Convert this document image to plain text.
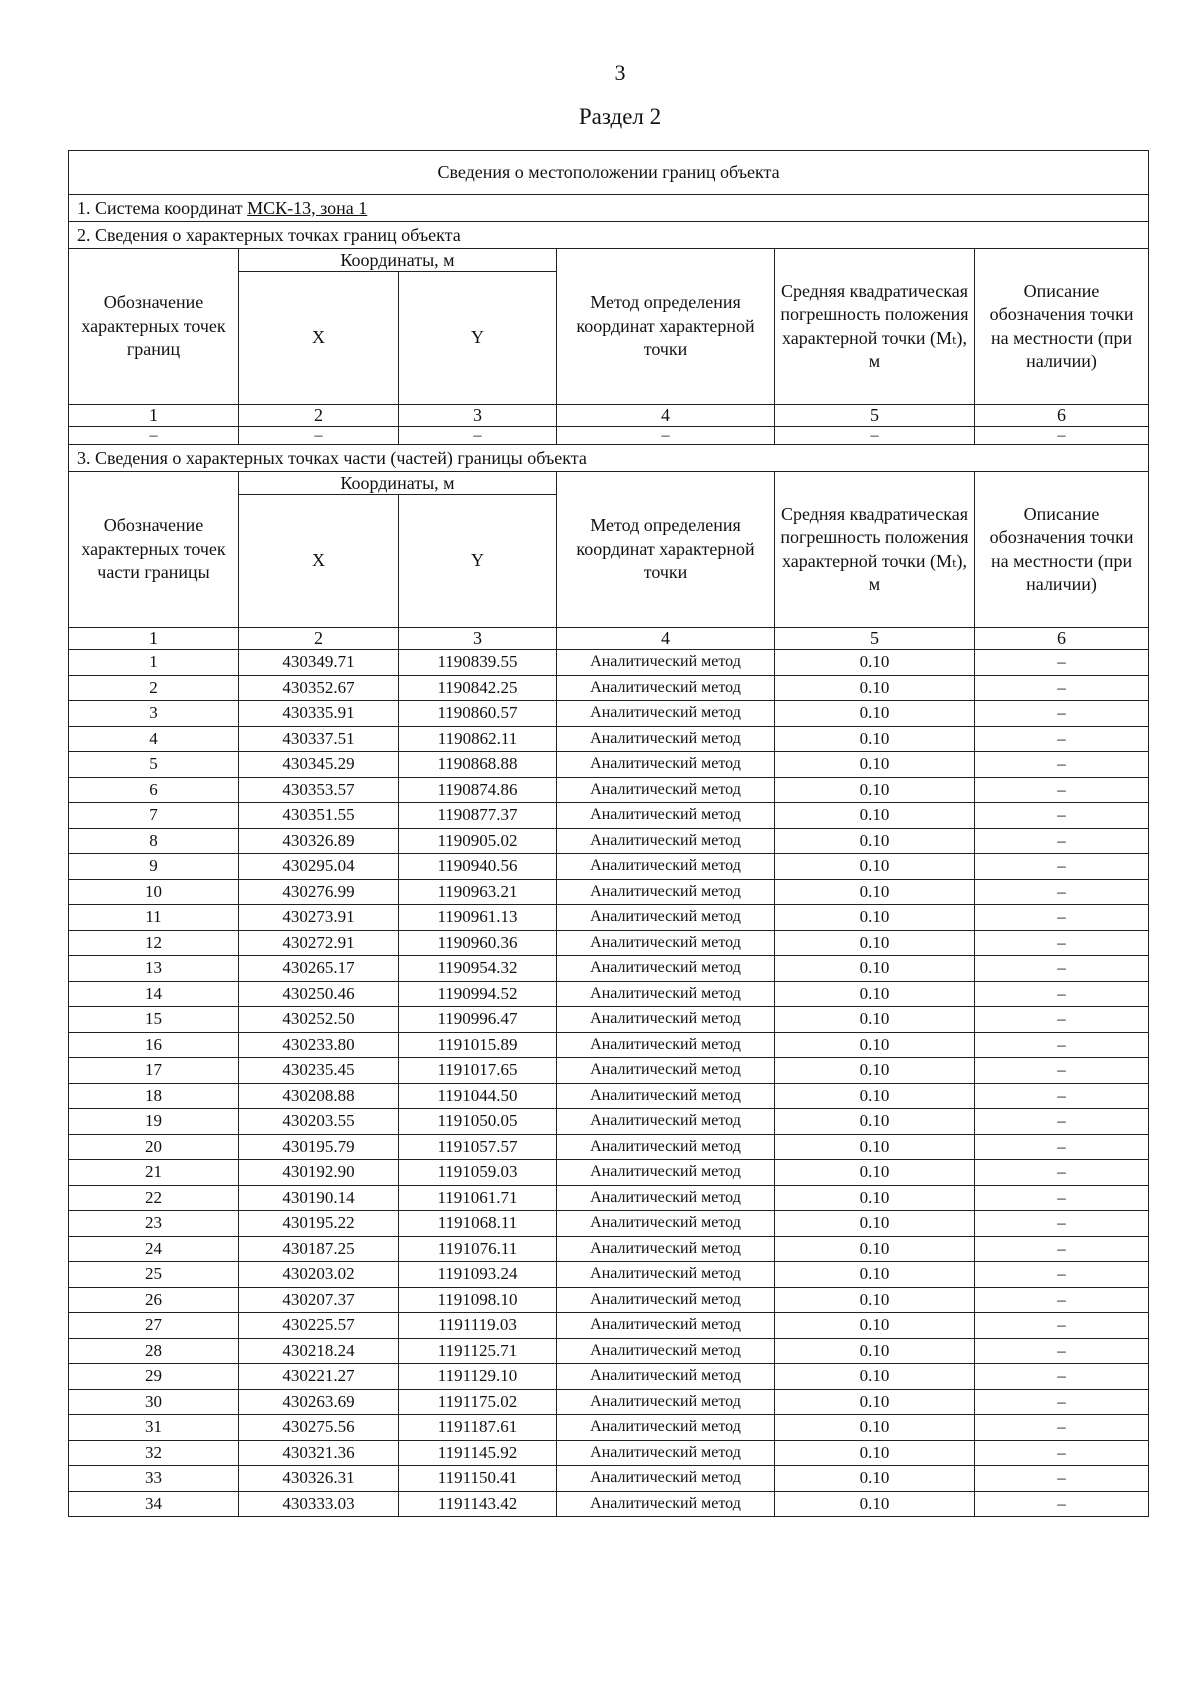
3
Раздел 2
Сведения о местоположении границ объекта					
1. Система координат МСК-13, зона 1					
2. Сведения о характерных точках границ объекта					
Обозначение характерных точек границ	Координаты, м		Метод определения координат характерной точки	Средняя квадратическая погрешность положения характерной точки (Mₜ), м	Описание обозначения точки на местности (при наличии)
	X	Y			
1	2	3	4	5	6
–	–	–	–	–	–
3. Сведения о характерных точках части (частей) границы объекта					
Обозначение характерных точек части границы	Координаты, м		Метод определения координат характерной точки	Средняя квадратическая погрешность положения характерной точки (Mₜ), м	Описание обозначения точки на местности (при наличии)
	X	Y			
1	2	3	4	5	6
1	430349.71	1190839.55	Аналитический метод	0.10	–
2	430352.67	1190842.25	Аналитический метод	0.10	–
3	430335.91	1190860.57	Аналитический метод	0.10	–
4	430337.51	1190862.11	Аналитический метод	0.10	–
5	430345.29	1190868.88	Аналитический метод	0.10	–
6	430353.57	1190874.86	Аналитический метод	0.10	–
7	430351.55	1190877.37	Аналитический метод	0.10	–
8	430326.89	1190905.02	Аналитический метод	0.10	–
9	430295.04	1190940.56	Аналитический метод	0.10	–
10	430276.99	1190963.21	Аналитический метод	0.10	–
11	430273.91	1190961.13	Аналитический метод	0.10	–
12	430272.91	1190960.36	Аналитический метод	0.10	–
13	430265.17	1190954.32	Аналитический метод	0.10	–
14	430250.46	1190994.52	Аналитический метод	0.10	–
15	430252.50	1190996.47	Аналитический метод	0.10	–
16	430233.80	1191015.89	Аналитический метод	0.10	–
17	430235.45	1191017.65	Аналитический метод	0.10	–
18	430208.88	1191044.50	Аналитический метод	0.10	–
19	430203.55	1191050.05	Аналитический метод	0.10	–
20	430195.79	1191057.57	Аналитический метод	0.10	–
21	430192.90	1191059.03	Аналитический метод	0.10	–
22	430190.14	1191061.71	Аналитический метод	0.10	–
23	430195.22	1191068.11	Аналитический метод	0.10	–
24	430187.25	1191076.11	Аналитический метод	0.10	–
25	430203.02	1191093.24	Аналитический метод	0.10	–
26	430207.37	1191098.10	Аналитический метод	0.10	–
27	430225.57	1191119.03	Аналитический метод	0.10	–
28	430218.24	1191125.71	Аналитический метод	0.10	–
29	430221.27	1191129.10	Аналитический метод	0.10	–
30	430263.69	1191175.02	Аналитический метод	0.10	–
31	430275.56	1191187.61	Аналитический метод	0.10	–
32	430321.36	1191145.92	Аналитический метод	0.10	–
33	430326.31	1191150.41	Аналитический метод	0.10	–
34	430333.03	1191143.42	Аналитический метод	0.10	–
